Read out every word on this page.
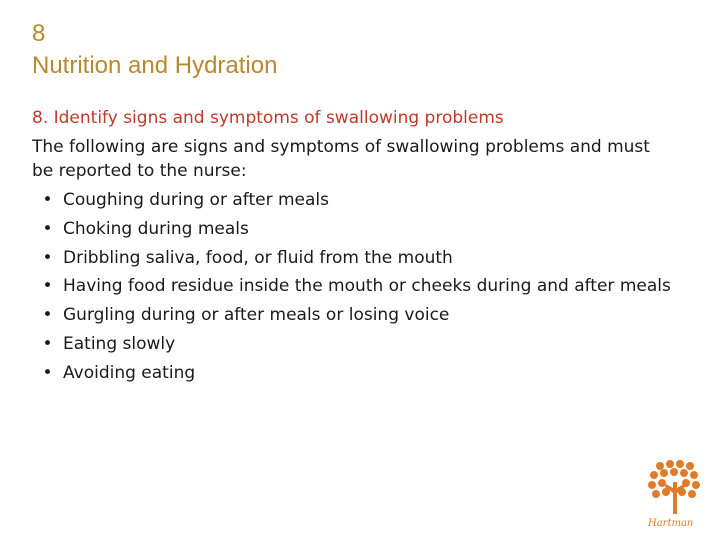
8
Nutrition and Hydration
8. Identify signs and symptoms of swallowing problems
The following are signs and symptoms of swallowing problems and must be reported to the nurse:
• Coughing during or after meals
• Choking during meals
• Dribbling saliva, food, or fluid from the mouth
• Having food residue inside the mouth or cheeks during and after meals
• Gurgling during or after meals or losing voice
• Eating slowly
• Avoiding eating
Hartman
